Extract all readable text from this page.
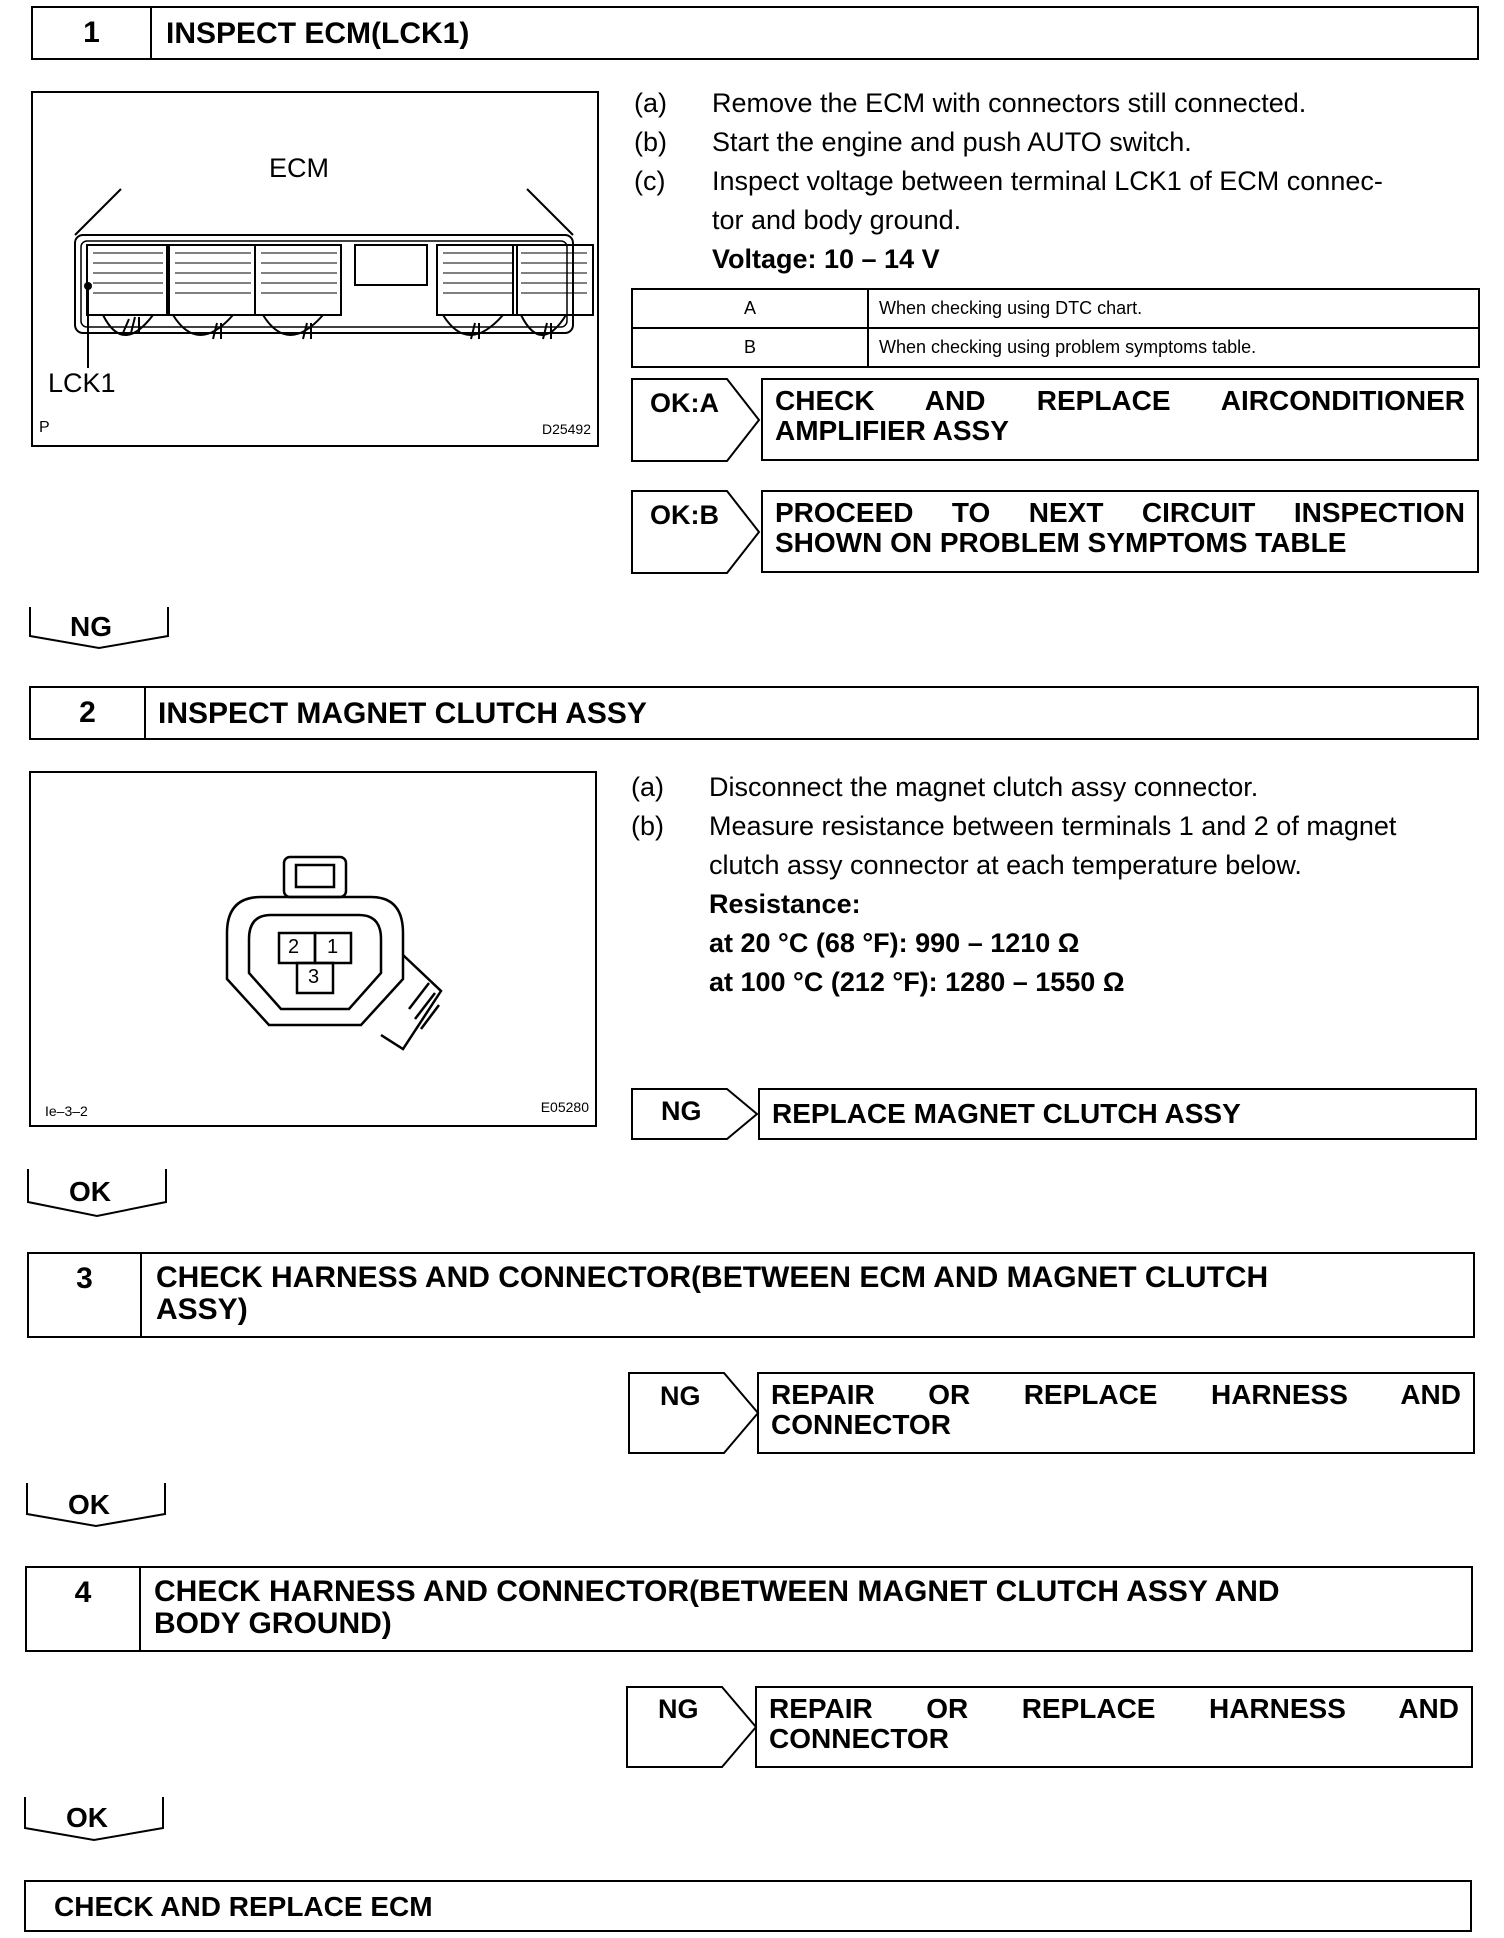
1	INSPECT ECM(LCK1)
ECM
LCK1
P	D25492
(a) Remove the ECM with connectors still connected.
(b) Start the engine and push AUTO switch.
(c) Inspect voltage between terminal LCK1 of ECM connec-
tor and body ground.
Voltage: 10 – 14 V
A	When checking using DTC chart.
B	When checking using problem symptoms table.
OK:A CHECK AND REPLACE AIRCONDITIONER
AMPLIFIER ASSY
OK:B PROCEED TO NEXT CIRCUIT INSPECTION
SHOWN ON PROBLEM SYMPTOMS TABLE
NG
2	INSPECT MAGNET CLUTCH ASSY
2 1
3
Ie–3–2	E05280
(a) Disconnect the magnet clutch assy connector.
(b) Measure resistance between terminals 1 and 2 of magnet
clutch assy connector at each temperature below.
Resistance:
at 20 °C (68 °F): 990 – 1210 Ω
at 100 °C (212 °F): 1280 – 1550 Ω
NG	REPLACE MAGNET CLUTCH ASSY
OK
3	CHECK HARNESS AND CONNECTOR(BETWEEN ECM AND MAGNET CLUTCH
ASSY)
NG	REPAIR OR REPLACE HARNESS AND
CONNECTOR
OK
4	CHECK HARNESS AND CONNECTOR(BETWEEN MAGNET CLUTCH ASSY AND
BODY GROUND)
NG	REPAIR OR REPLACE HARNESS AND
CONNECTOR
OK
CHECK AND REPLACE ECM
